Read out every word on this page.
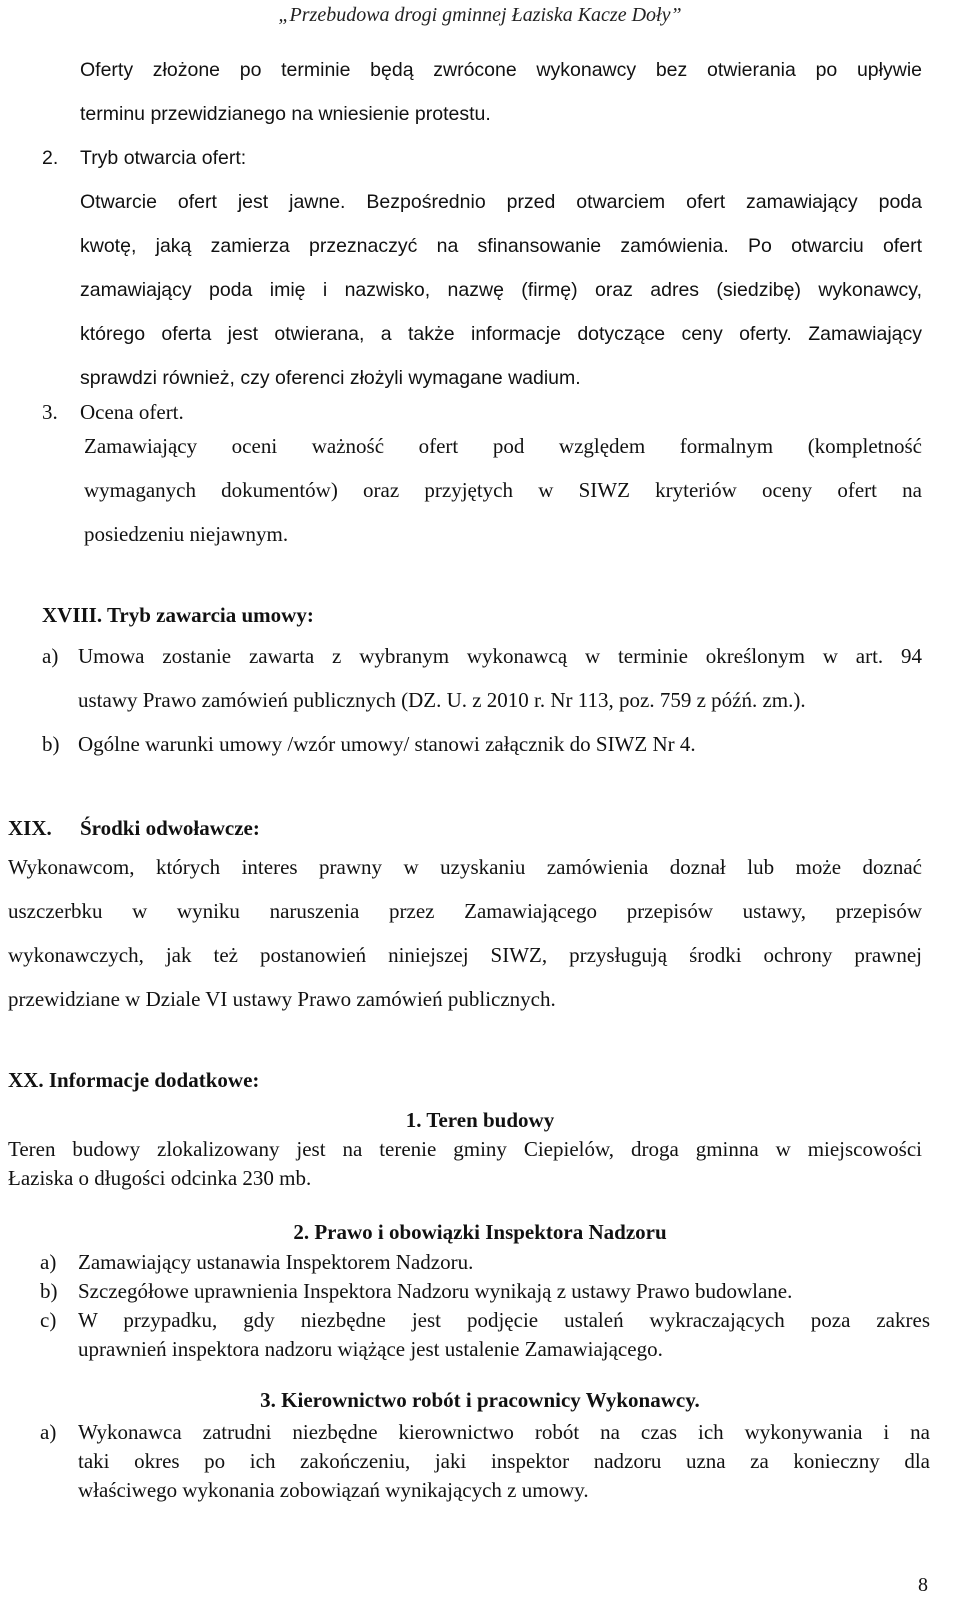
„Przebudowa drogi gminnej Łaziska Kacze Doły”
Oferty złożone po terminie będą zwrócone wykonawcy bez otwierania po upływie
terminu przewidzianego na wniesienie protestu.
2. Tryb otwarcia ofert:
Otwarcie ofert jest jawne. Bezpośrednio przed otwarciem ofert zamawiający poda
kwotę, jaką zamierza przeznaczyć na sfinansowanie zamówienia. Po otwarciu ofert
zamawiający poda imię i nazwisko, nazwę (firmę) oraz adres (siedzibę) wykonawcy,
którego oferta jest otwierana, a także informacje dotyczące ceny oferty. Zamawiający
sprawdzi również, czy oferenci złożyli wymagane wadium.
3. Ocena ofert.
Zamawiający oceni ważność ofert pod względem formalnym (kompletność
wymaganych dokumentów) oraz przyjętych w SIWZ kryteriów oceny ofert na
posiedzeniu niejawnym.
XVIII. Tryb zawarcia umowy:
a) Umowa zostanie zawarta z wybranym wykonawcą w terminie określonym w art. 94
ustawy Prawo zamówień publicznych (DZ. U. z 2010 r. Nr 113, poz. 759 z późń. zm.).
b) Ogólne warunki umowy /wzór umowy/ stanowi załącznik do SIWZ Nr 4.
XIX. Środki odwoławcze:
Wykonawcom, których interes prawny w uzyskaniu zamówienia doznał lub może doznać
uszczerbku w wyniku naruszenia przez Zamawiającego przepisów ustawy, przepisów
wykonawczych, jak też postanowień niniejszej SIWZ, przysługują środki ochrony prawnej
przewidziane w Dziale VI ustawy Prawo zamówień publicznych.
XX. Informacje dodatkowe:
1. Teren budowy
Teren budowy zlokalizowany jest na terenie gminy Ciepielów, droga gminna w miejscowości
Łaziska o długości odcinka 230 mb.
2. Prawo i obowiązki Inspektora Nadzoru
a)	Zamawiający ustanawia Inspektorem Nadzoru.
b) Szczegółowe uprawnienia Inspektora Nadzoru wynikają z ustawy Prawo budowlane.
c)	W przypadku, gdy niezbędne jest podjęcie ustaleń wykraczających poza zakres
uprawnień inspektora nadzoru wiążące jest ustalenie Zamawiającego.
3. Kierownictwo robót i pracownicy Wykonawcy.
a)	Wykonawca zatrudni niezbędne kierownictwo robót na czas ich wykonywania i na
taki okres po ich zakończeniu, jaki inspektor nadzoru uzna za konieczny dla
właściwego wykonania zobowiązań wynikających z umowy.
8
